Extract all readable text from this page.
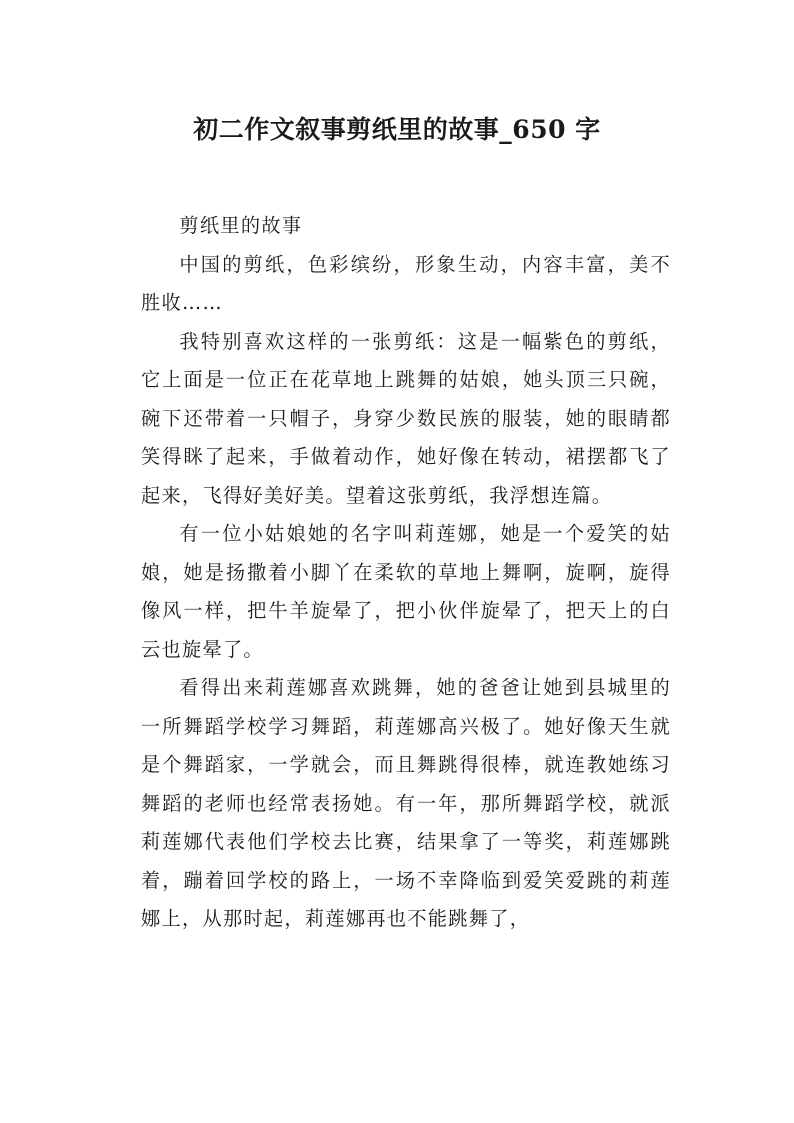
初二作文叙事剪纸里的故事_650 字

剪纸里的故事

中国的剪纸，色彩缤纷，形象生动，内容丰富，美不胜收……

我特别喜欢这样的一张剪纸：这是一幅紫色的剪纸，它上面是一位正在花草地上跳舞的姑娘，她头顶三只碗，碗下还带着一只帽子，身穿少数民族的服装，她的眼睛都笑得眯了起来，手做着动作，她好像在转动，裙摆都飞了起来，飞得好美好美。望着这张剪纸，我浮想连篇。

有一位小姑娘她的名字叫莉莲娜，她是一个爱笑的姑娘，她是扬撒着小脚丫在柔软的草地上舞啊，旋啊，旋得像风一样，把牛羊旋晕了，把小伙伴旋晕了，把天上的白云也旋晕了。

看得出来莉莲娜喜欢跳舞，她的爸爸让她到县城里的一所舞蹈学校学习舞蹈，莉莲娜高兴极了。她好像天生就是个舞蹈家，一学就会，而且舞跳得很棒，就连教她练习舞蹈的老师也经常表扬她。有一年，那所舞蹈学校，就派莉莲娜代表他们学校去比赛，结果拿了一等奖，莉莲娜跳着，蹦着回学校的路上，一场不幸降临到爱笑爱跳的莉莲娜上，从那时起，莉莲娜再也不能跳舞了，
